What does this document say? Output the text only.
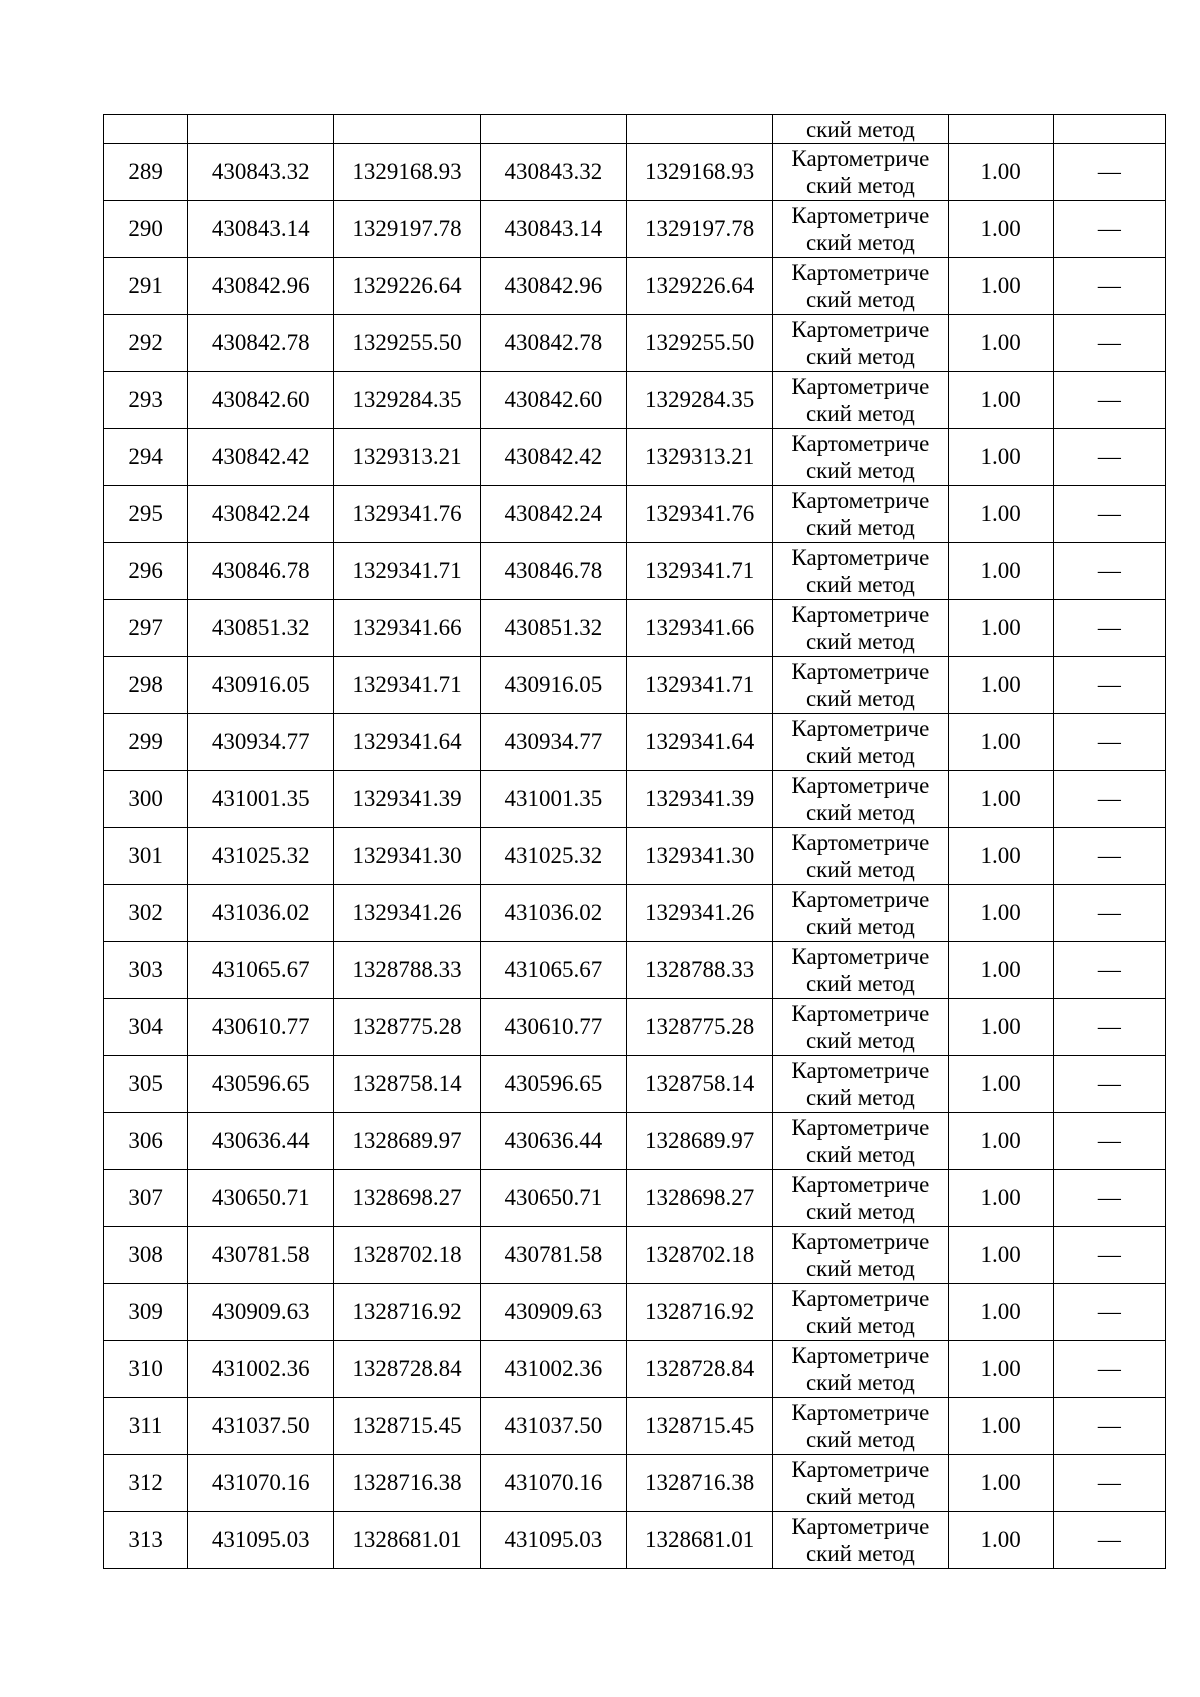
					ский метод		
289	430843.32	1329168.93	430843.32	1329168.93	Картометриче
ский метод	1.00	—
290	430843.14	1329197.78	430843.14	1329197.78	Картометриче
ский метод	1.00	—
291	430842.96	1329226.64	430842.96	1329226.64	Картометриче
ский метод	1.00	—
292	430842.78	1329255.50	430842.78	1329255.50	Картометриче
ский метод	1.00	—
293	430842.60	1329284.35	430842.60	1329284.35	Картометриче
ский метод	1.00	—
294	430842.42	1329313.21	430842.42	1329313.21	Картометриче
ский метод	1.00	—
295	430842.24	1329341.76	430842.24	1329341.76	Картометриче
ский метод	1.00	—
296	430846.78	1329341.71	430846.78	1329341.71	Картометриче
ский метод	1.00	—
297	430851.32	1329341.66	430851.32	1329341.66	Картометриче
ский метод	1.00	—
298	430916.05	1329341.71	430916.05	1329341.71	Картометриче
ский метод	1.00	—
299	430934.77	1329341.64	430934.77	1329341.64	Картометриче
ский метод	1.00	—
300	431001.35	1329341.39	431001.35	1329341.39	Картометриче
ский метод	1.00	—
301	431025.32	1329341.30	431025.32	1329341.30	Картометриче
ский метод	1.00	—
302	431036.02	1329341.26	431036.02	1329341.26	Картометриче
ский метод	1.00	—
303	431065.67	1328788.33	431065.67	1328788.33	Картометриче
ский метод	1.00	—
304	430610.77	1328775.28	430610.77	1328775.28	Картометриче
ский метод	1.00	—
305	430596.65	1328758.14	430596.65	1328758.14	Картометриче
ский метод	1.00	—
306	430636.44	1328689.97	430636.44	1328689.97	Картометриче
ский метод	1.00	—
307	430650.71	1328698.27	430650.71	1328698.27	Картометриче
ский метод	1.00	—
308	430781.58	1328702.18	430781.58	1328702.18	Картометриче
ский метод	1.00	—
309	430909.63	1328716.92	430909.63	1328716.92	Картометриче
ский метод	1.00	—
310	431002.36	1328728.84	431002.36	1328728.84	Картометриче
ский метод	1.00	—
311	431037.50	1328715.45	431037.50	1328715.45	Картометриче
ский метод	1.00	—
312	431070.16	1328716.38	431070.16	1328716.38	Картометриче
ский метод	1.00	—
313	431095.03	1328681.01	431095.03	1328681.01	Картометриче
ский метод	1.00	—
